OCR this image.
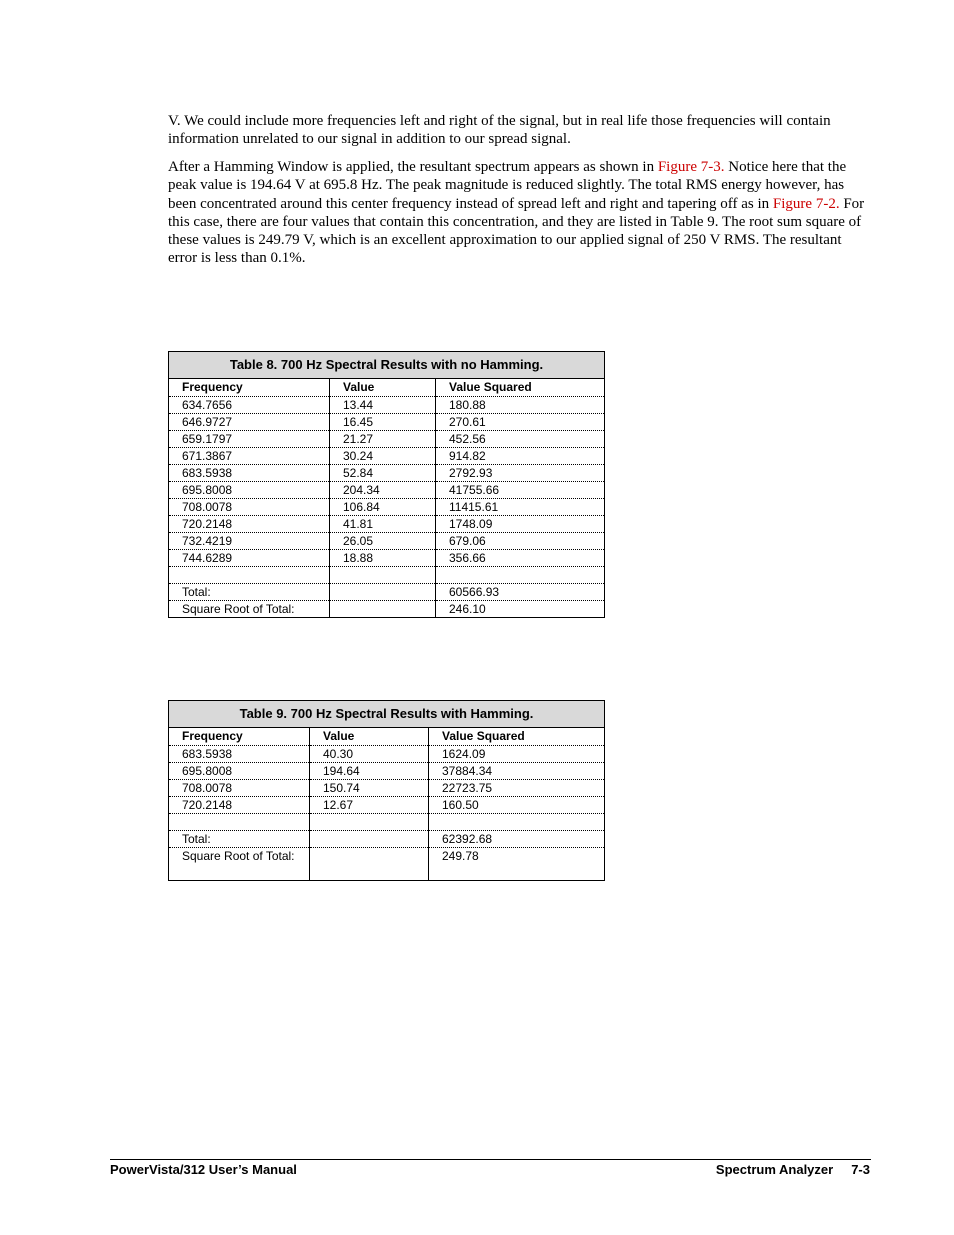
V. We could include more frequencies left and right of the signal, but in real life those frequencies will contain information unrelated to our signal in addition to our spread signal.

After a Hamming Window is applied, the resultant spectrum appears as shown in Figure 7-3. Notice here that the peak value is 194.64 V at 695.8 Hz. The peak magnitude is reduced slightly. The total RMS energy however, has been concentrated around this center frequency instead of spread left and right and tapering off as in Figure 7-2. For this case, there are four values that contain this concentration, and they are listed in Table 9. The root sum square of these values is 249.79 V, which is an excellent approximation to our applied signal of 250 V RMS. The resultant error is less than 0.1%.

Table 8. 700 Hz Spectral Results with no Hamming.		
Frequency	Value	Value Squared
634.7656	13.44	180.88
646.9727	16.45	270.61
659.1797	21.27	452.56
671.3867	30.24	914.82
683.5938	52.84	2792.93
695.8008	204.34	41755.66
708.0078	106.84	11415.61
720.2148	41.81	1748.09
732.4219	26.05	679.06
744.6289	18.88	356.66

Total:		60566.93
Square Root of Total:		246.10
Table 9. 700 Hz Spectral Results with Hamming.		
Frequency	Value	Value Squared
683.5938	40.30	1624.09
695.8008	194.64	37884.34
708.0078	150.74	22723.75
720.2148	12.67	160.50

Total:		62392.68
Square Root of Total:		249.78
PowerVista/312 User’s Manual	Spectrum Analyzer 7-3
